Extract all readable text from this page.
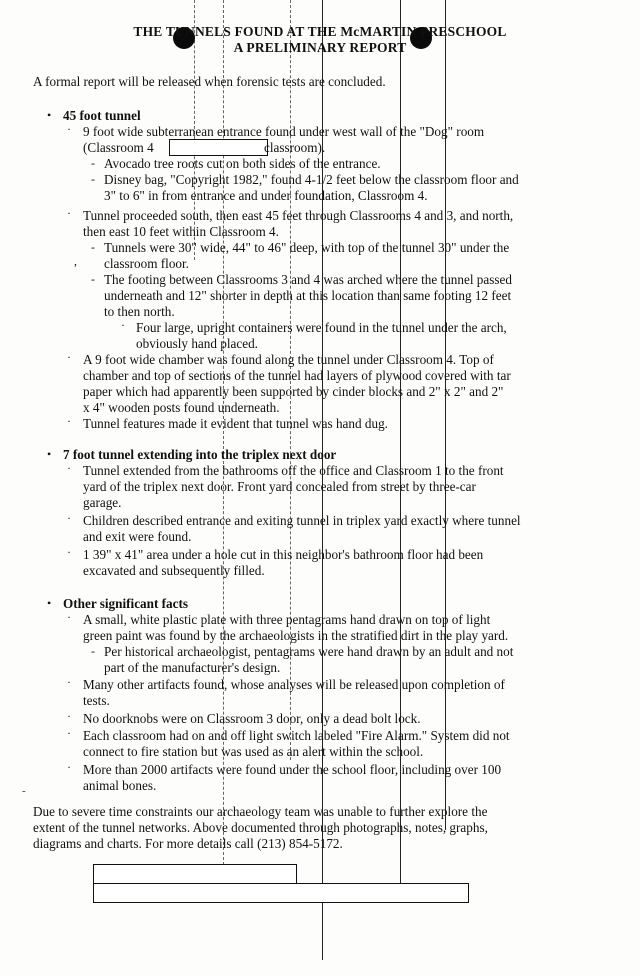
THE TUNNELS FOUND AT THE McMARTIN PRESCHOOL
A PRELIMINARY REPORT
A formal report will be released when forensic tests are concluded.
• 45 foot tunnel
· 9 foot wide subterranean entrance found under west wall of the "Dog" room
(Classroom 4	classroom).
- Avocado tree roots cut on both sides of the entrance.
- Disney bag, "Copyright 1982," found 4-1/2 feet below the classroom floor and
3" to 6" in from entrance and under foundation, Classroom 4.
· Tunnel proceeded south, then east 45 feet through Classrooms 4 and 3, and north,
then east 10 feet within Classroom 4.
- Tunnels were 30" wide, 44" to 46" deep, with top of the tunnel 30" under the
, classroom floor.
- The footing between Classrooms 3 and 4 was arched where the tunnel passed
underneath and 12" shorter in depth at this location than same footing 12 feet
to then north.
· Four large, upright containers were found in the tunnel under the arch,
obviously hand placed.
· A 9 foot wide chamber was found along the tunnel under Classroom 4. Top of
chamber and top of sections of the tunnel had layers of plywood covered with tar
paper which had apparently been supported by cinder blocks and 2" x 2" and 2"
x 4" wooden posts found underneath.
· Tunnel features made it evident that tunnel was hand dug.
• 7 foot tunnel extending into the triplex next door
· Tunnel extended from the bathrooms off the office and Classroom 1 to the front
yard of the triplex next door. Front yard concealed from street by three-car
garage.
· Children described entrance and exiting tunnel in triplex yard exactly where tunnel
and exit were found.
· 1 39" x 41" area under a hole cut in this neighbor's bathroom floor had been
excavated and subsequently filled.
• Other significant facts
· A small, white plastic plate with three pentagrams hand drawn on top of light
green paint was found by the archaeologists in the stratified dirt in the play yard.
- Per historical archaeologist, pentagrams were hand drawn by an adult and not
part of the manufacturer's design.
· Many other artifacts found, whose analyses will be released upon completion of
tests.
· No doorknobs were on Classroom 3 door, only a dead bolt lock.
· Each classroom had on and off light switch labeled "Fire Alarm." System did not
connect to fire station but was used as an alert within the school.
· More than 2000 artifacts were found under the school floor, including over 100
animal bones.
-
Due to severe time constraints our archaeology team was unable to further explore the
extent of the tunnel networks. Above documented through photographs, notes, graphs,
diagrams and charts. For more details call (213) 854-5172.
